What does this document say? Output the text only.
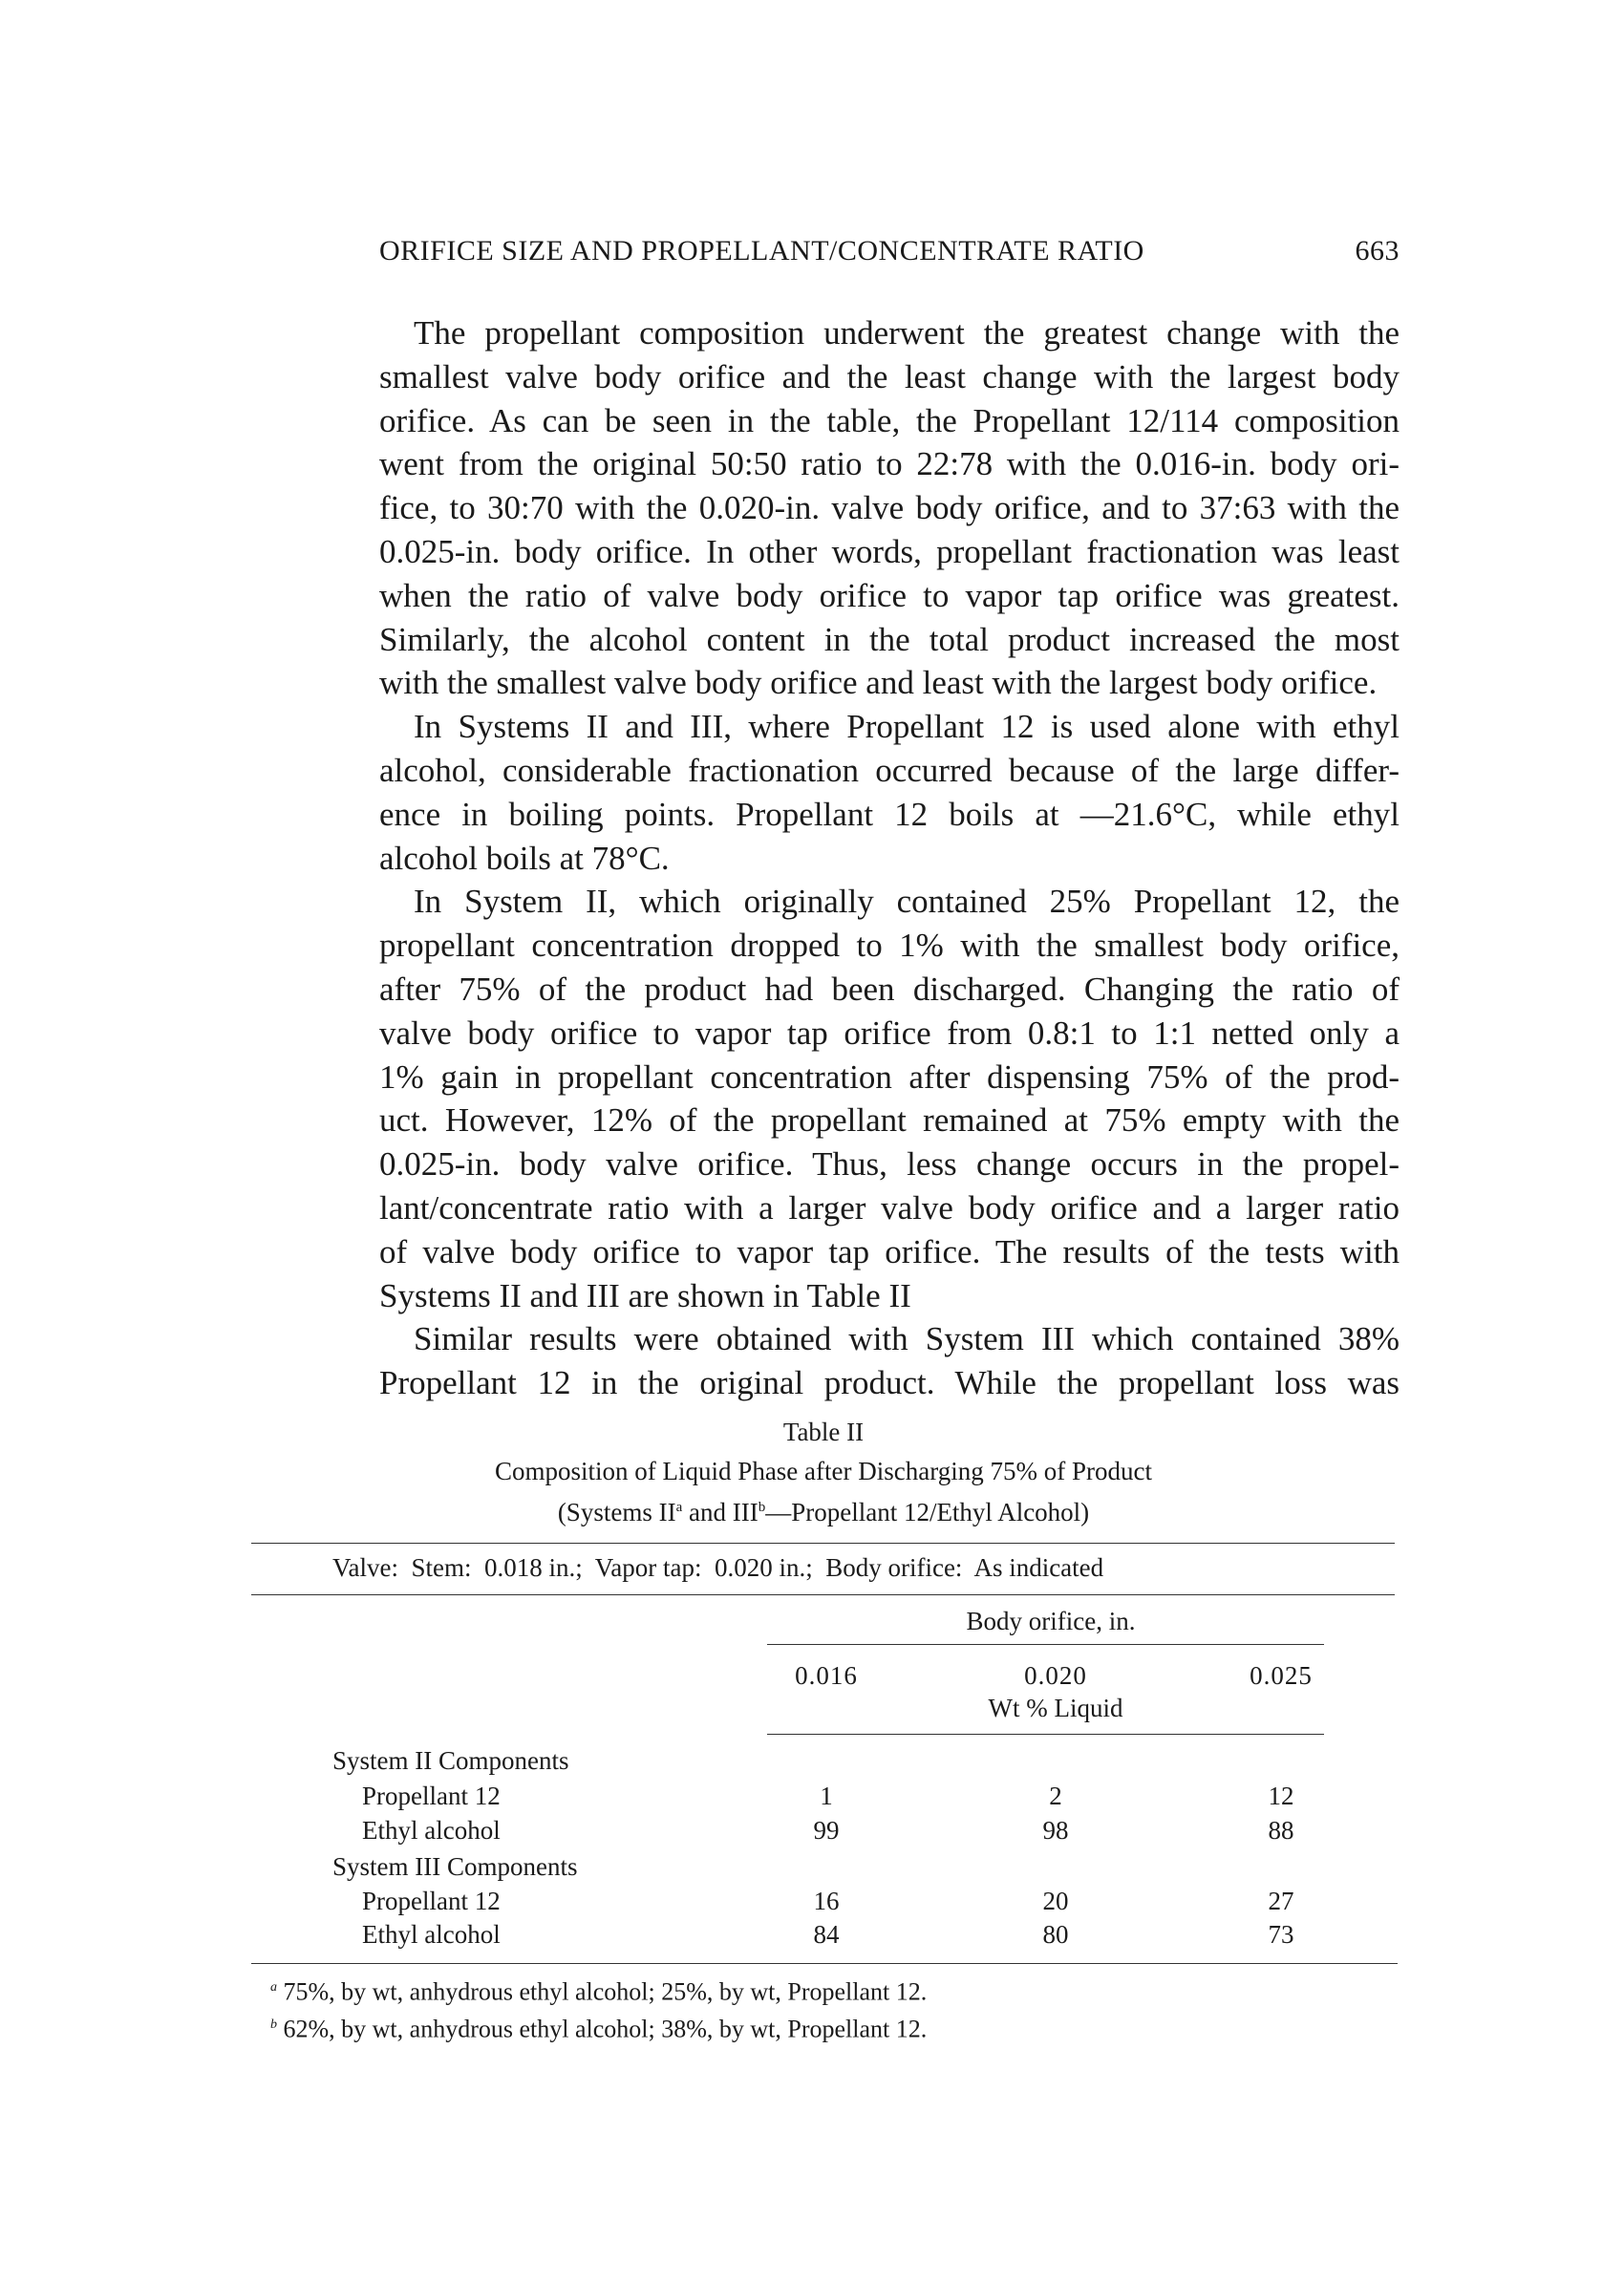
ORIFICE SIZE AND PROPELLANT/CONCENTRATE RATIO	663
The propellant composition underwent the greatest change with the
smallest valve body orifice and the least change with the largest body
orifice. As can be seen in the table, the Propellant 12/114 composition
went from the original 50:50 ratio to 22:78 with the 0.016-in. body ori-
fice, to 30:70 with the 0.020-in. valve body orifice, and to 37:63 with the
0.025-in. body orifice. In other words, propellant fractionation was least
when the ratio of valve body orifice to vapor tap orifice was greatest.
Similarly, the alcohol content in the total product increased the most
with the smallest valve body orifice and least with the largest body orifice.
In Systems II and III, where Propellant 12 is used alone with ethyl
alcohol, considerable fractionation occurred because of the large differ-
ence in boiling points. Propellant 12 boils at —21.6°C, while ethyl
alcohol boils at 78°C.
In System II, which originally contained 25% Propellant 12, the
propellant concentration dropped to 1% with the smallest body orifice,
after 75% of the product had been discharged. Changing the ratio of
valve body orifice to vapor tap orifice from 0.8:1 to 1:1 netted only a
1% gain in propellant concentration after dispensing 75% of the prod-
uct. However, 12% of the propellant remained at 75% empty with the
0.025-in. body valve orifice. Thus, less change occurs in the propel-
lant/concentrate ratio with a larger valve body orifice and a larger ratio
of valve body orifice to vapor tap orifice. The results of the tests with
Systems II and III are shown in Table II
Similar results were obtained with System III which contained 38%
Propellant 12 in the original product. While the propellant loss was
Table II
Composition of Liquid Phase after Discharging 75% of Product
(Systems $II^a$ and III$^b$—Propellant 12/Ethyl Alcohol)
Valve:  Stem:  0.018 in.;  Vapor tap:  0.020 in.;  Body orifice:  As indicated
Body orifice, in.
0.016	0.020	0.025
Wt % Liquid
System II Components
Propellant 12	1	2	12
Ethyl alcohol	99	98	88
System III Components
Propellant 12	16	20	27
Ethyl alcohol	84	80	73
$^a$ 75%, by wt, anhydrous ethyl alcohol; 25%, by wt, Propellant 12.
$^b$ 62%, by wt, anhydrous ethyl alcohol; 38%, by wt, Propellant 12.
